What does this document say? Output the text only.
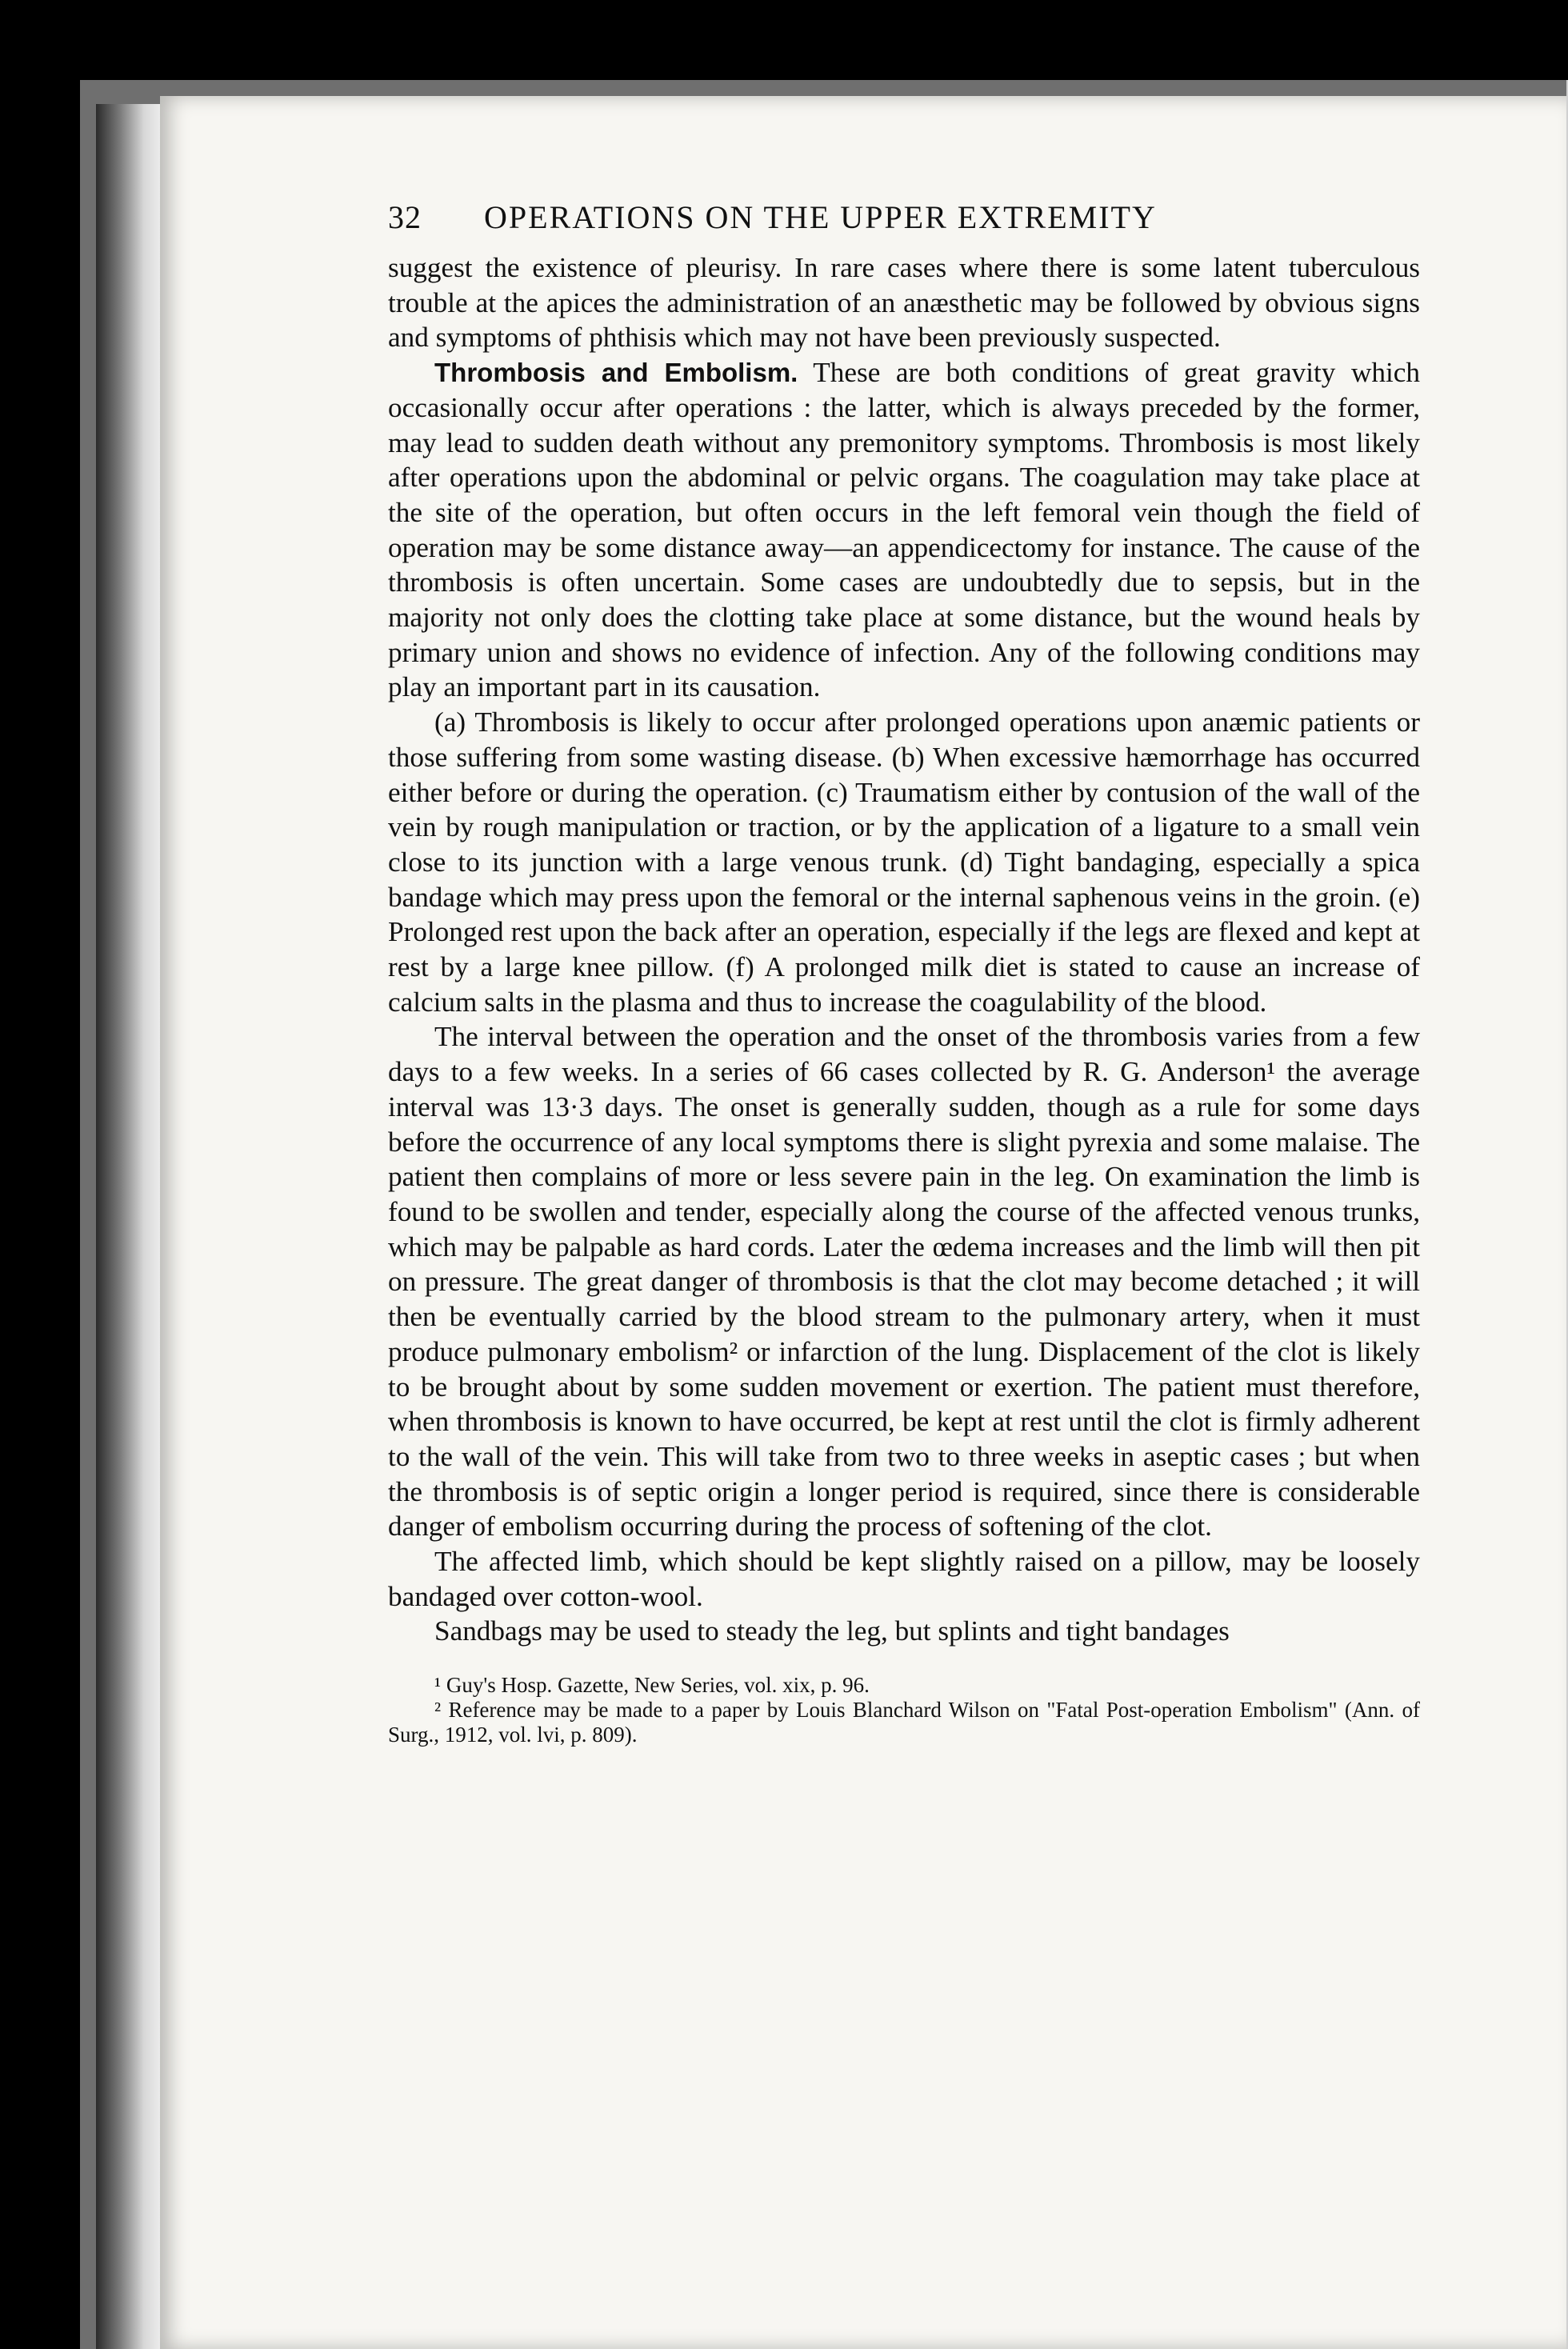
32	OPERATIONS ON THE UPPER EXTREMITY

suggest the existence of pleurisy. In rare cases where there is some latent tuberculous trouble at the apices the administration of an anæsthetic may be followed by obvious signs and symptoms of phthisis which may not have been previously suspected.

Thrombosis and Embolism. These are both conditions of great gravity which occasionally occur after operations : the latter, which is always preceded by the former, may lead to sudden death without any premonitory symptoms. Thrombosis is most likely after operations upon the abdominal or pelvic organs. The coagulation may take place at the site of the operation, but often occurs in the left femoral vein though the field of operation may be some distance away—an appendicectomy for instance. The cause of the thrombosis is often uncertain. Some cases are undoubtedly due to sepsis, but in the majority not only does the clotting take place at some distance, but the wound heals by primary union and shows no evidence of infection. Any of the following conditions may play an important part in its causation.

(a) Thrombosis is likely to occur after prolonged operations upon anæmic patients or those suffering from some wasting disease. (b) When excessive hæmorrhage has occurred either before or during the operation. (c) Traumatism either by contusion of the wall of the vein by rough manipulation or traction, or by the application of a ligature to a small vein close to its junction with a large venous trunk. (d) Tight bandaging, especially a spica bandage which may press upon the femoral or the internal saphenous veins in the groin. (e) Prolonged rest upon the back after an operation, especially if the legs are flexed and kept at rest by a large knee pillow. (f) A prolonged milk diet is stated to cause an increase of calcium salts in the plasma and thus to increase the coagulability of the blood.

The interval between the operation and the onset of the thrombosis varies from a few days to a few weeks. In a series of 66 cases collected by R. G. Anderson¹ the average interval was 13·3 days. The onset is generally sudden, though as a rule for some days before the occurrence of any local symptoms there is slight pyrexia and some malaise. The patient then complains of more or less severe pain in the leg. On examination the limb is found to be swollen and tender, especially along the course of the affected venous trunks, which may be palpable as hard cords. Later the œdema increases and the limb will then pit on pressure. The great danger of thrombosis is that the clot may become detached ; it will then be eventually carried by the blood stream to the pulmonary artery, when it must produce pulmonary embolism² or infarction of the lung. Displacement of the clot is likely to be brought about by some sudden movement or exertion. The patient must therefore, when thrombosis is known to have occurred, be kept at rest until the clot is firmly adherent to the wall of the vein. This will take from two to three weeks in aseptic cases ; but when the thrombosis is of septic origin a longer period is required, since there is considerable danger of embolism occurring during the process of softening of the clot.

The affected limb, which should be kept slightly raised on a pillow, may be loosely bandaged over cotton-wool.

Sandbags may be used to steady the leg, but splints and tight bandages

¹ Guy's Hosp. Gazette, New Series, vol. xix, p. 96.

² Reference may be made to a paper by Louis Blanchard Wilson on "Fatal Post-operation Embolism" (Ann. of Surg., 1912, vol. lvi, p. 809).
